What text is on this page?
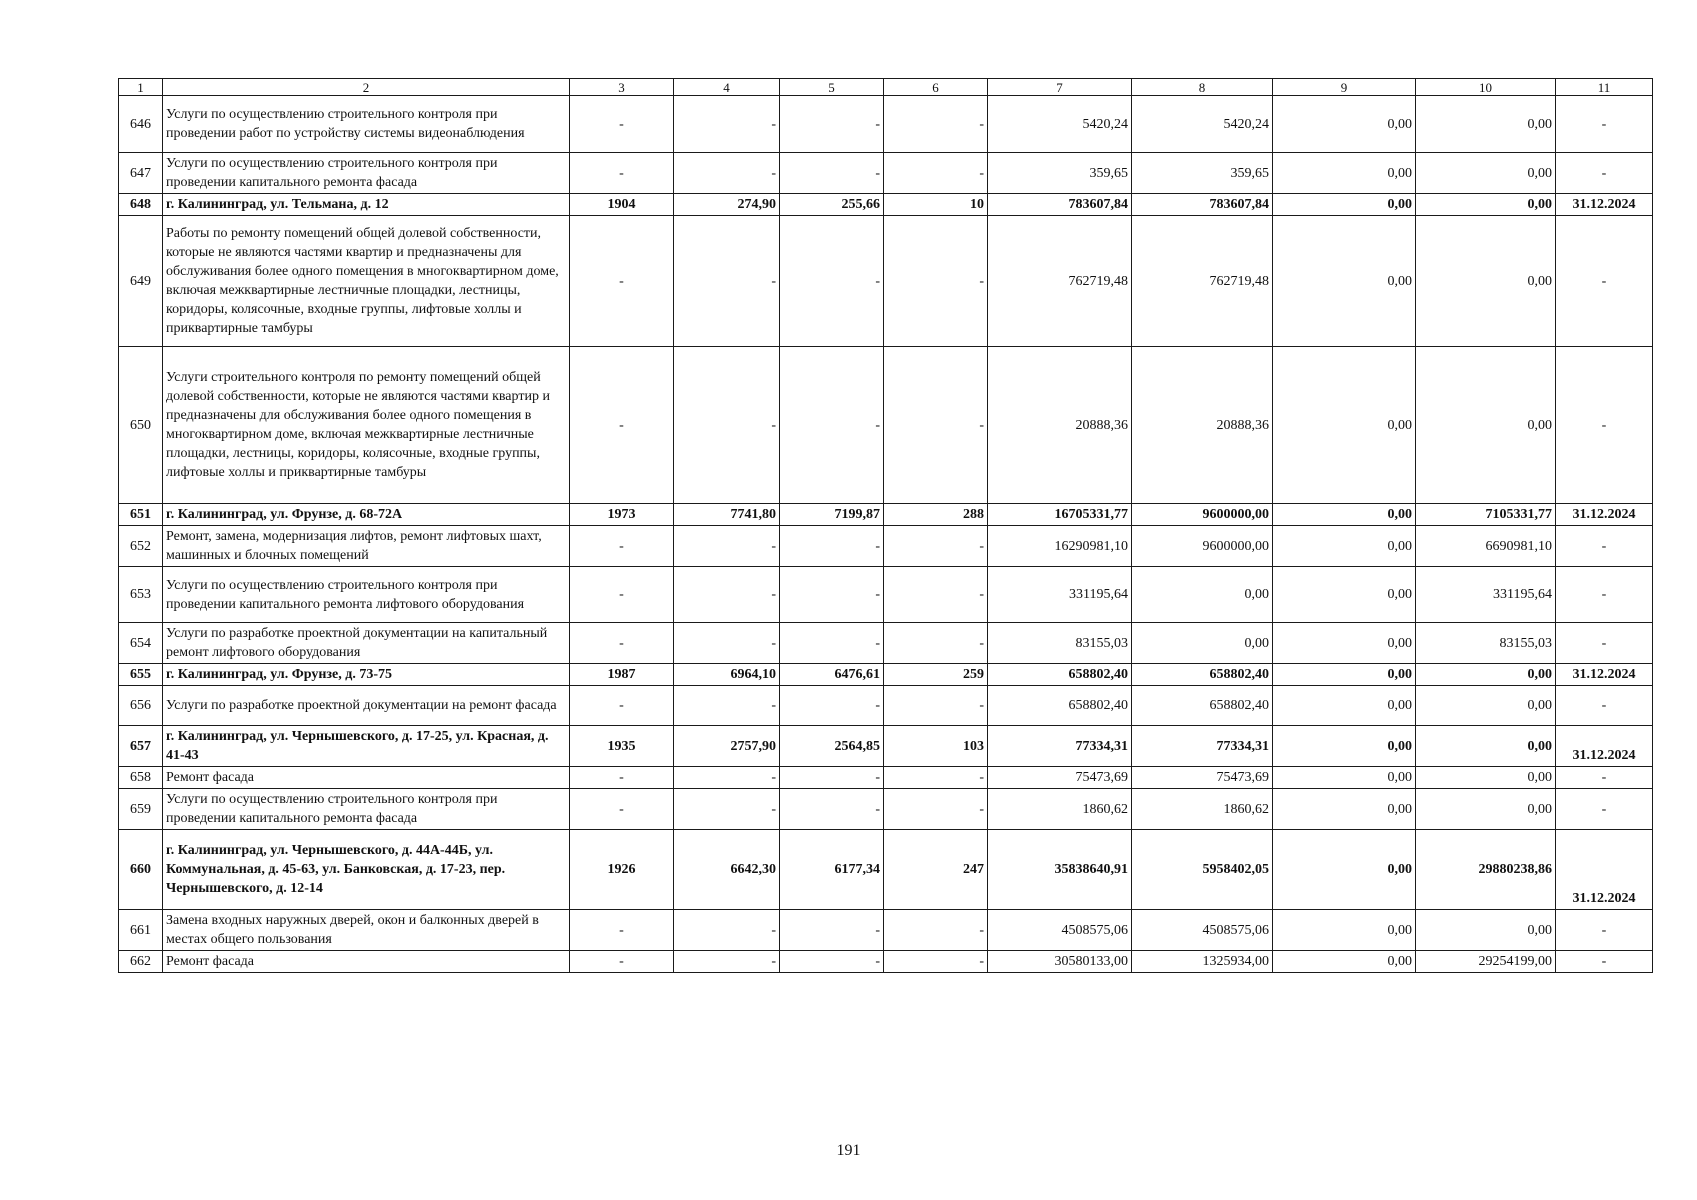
1	2	3	4	5	6	7	8	9	10	11
646	Услуги по осуществлению строительного контроля при проведении работ по устройству системы видеонаблюдения	-	-	-	-	5420,24	5420,24	0,00	0,00	-
647	Услуги по осуществлению строительного контроля при проведении капитального ремонта фасада	-	-	-	-	359,65	359,65	0,00	0,00	-
648	г. Калининград, ул. Тельмана, д. 12	1904	274,90	255,66	10	783607,84	783607,84	0,00	0,00	31.12.2024
649	Работы по ремонту помещений общей долевой собственности, которые не являются частями квартир и предназначены для обслуживания более одного помещения в многоквартирном доме, включая межквартирные лестничные площадки, лестницы, коридоры, колясочные, входные группы, лифтовые холлы и приквартирные тамбуры	-	-	-	-	762719,48	762719,48	0,00	0,00	-
650	Услуги строительного контроля по ремонту помещений общей долевой собственности, которые не являются частями квартир и предназначены для обслуживания более одного помещения в многоквартирном доме, включая межквартирные лестничные площадки, лестницы, коридоры, колясочные, входные группы, лифтовые холлы и приквартирные тамбуры	-	-	-	-	20888,36	20888,36	0,00	0,00	-
651	г. Калининград, ул. Фрунзе, д. 68-72А	1973	7741,80	7199,87	288	16705331,77	9600000,00	0,00	7105331,77	31.12.2024
652	Ремонт, замена, модернизация лифтов, ремонт лифтовых шахт, машинных и блочных помещений	-	-	-	-	16290981,10	9600000,00	0,00	6690981,10	-
653	Услуги по осуществлению строительного контроля при проведении капитального ремонта лифтового оборудования	-	-	-	-	331195,64	0,00	0,00	331195,64	-
654	Услуги по разработке проектной документации на капитальный ремонт лифтового оборудования	-	-	-	-	83155,03	0,00	0,00	83155,03	-
655	г. Калининград, ул. Фрунзе, д. 73-75	1987	6964,10	6476,61	259	658802,40	658802,40	0,00	0,00	31.12.2024
656	Услуги по разработке проектной документации на ремонт фасада	-	-	-	-	658802,40	658802,40	0,00	0,00	-
657	г. Калининград, ул. Чернышевского, д. 17-25, ул. Красная, д. 41-43	1935	2757,90	2564,85	103	77334,31	77334,31	0,00	0,00	31.12.2024
658	Ремонт фасада	-	-	-	-	75473,69	75473,69	0,00	0,00	-
659	Услуги по осуществлению строительного контроля при проведении капитального ремонта фасада	-	-	-	-	1860,62	1860,62	0,00	0,00	-
660	г. Калининград, ул. Чернышевского, д. 44А-44Б, ул. Коммунальная, д. 45-63, ул. Банковская, д. 17-23, пер. Чернышевского, д. 12-14	1926	6642,30	6177,34	247	35838640,91	5958402,05	0,00	29880238,86	31.12.2024
661	Замена входных наружных дверей, окон и балконных дверей в местах общего пользования	-	-	-	-	4508575,06	4508575,06	0,00	0,00	-
662	Ремонт фасада	-	-	-	-	30580133,00	1325934,00	0,00	29254199,00	-
191
